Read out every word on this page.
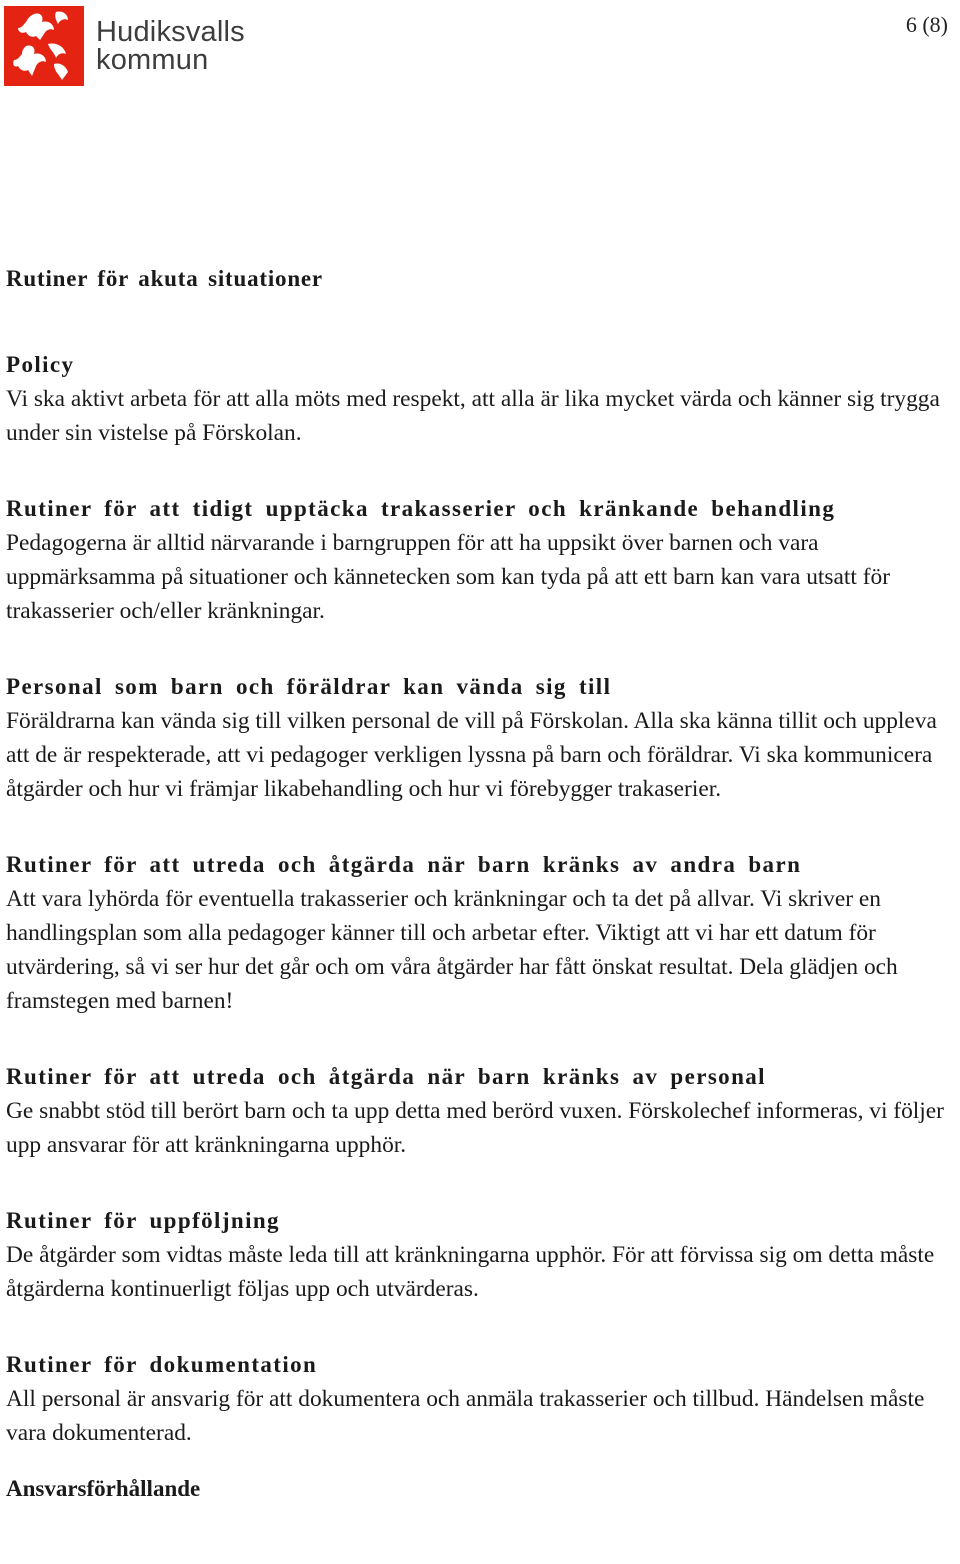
Hudiksvalls
kommun
6 (8)
Rutiner för akuta situationer
Policy

Vi ska aktivt arbeta för att alla möts med respekt, att alla är lika mycket värda och känner sig trygga under sin vistelse på Förskolan.

Rutiner för att tidigt upptäcka trakasserier och kränkande behandling

Pedagogerna är alltid närvarande i barngruppen för att ha uppsikt över barnen och vara uppmärksamma på situationer och kännetecken som kan tyda på att ett barn kan vara utsatt för trakasserier och/eller kränkningar.

Personal som barn och föräldrar kan vända sig till

Föräldrarna kan vända sig till vilken personal de vill på Förskolan. Alla ska känna tillit och uppleva att de är respekterade, att vi pedagoger verkligen lyssna på barn och föräldrar. Vi ska kommunicera åtgärder och hur vi främjar likabehandling och hur vi förebygger trakaserier.

Rutiner för att utreda och åtgärda när barn kränks av andra barn

Att vara lyhörda för eventuella trakasserier och kränkningar och ta det på allvar. Vi skriver en handlingsplan som alla pedagoger känner till och arbetar efter. Viktigt att vi har ett datum för utvärdering, så vi ser hur det går och om våra åtgärder har fått önskat resultat. Dela glädjen och framstegen med barnen!

Rutiner för att utreda och åtgärda när barn kränks av personal

Ge snabbt stöd till berört barn och ta upp detta med berörd vuxen. Förskolechef informeras, vi följer upp ansvarar för att kränkningarna upphör.

Rutiner för uppföljning

De åtgärder som vidtas måste leda till att kränkningarna upphör. För att förvissa sig om detta måste åtgärderna kontinuerligt följas upp och utvärderas.

Rutiner för dokumentation

All personal är ansvarig för att dokumentera och anmäla trakasserier och tillbud. Händelsen måste vara dokumenterad.

Ansvarsförhållande
